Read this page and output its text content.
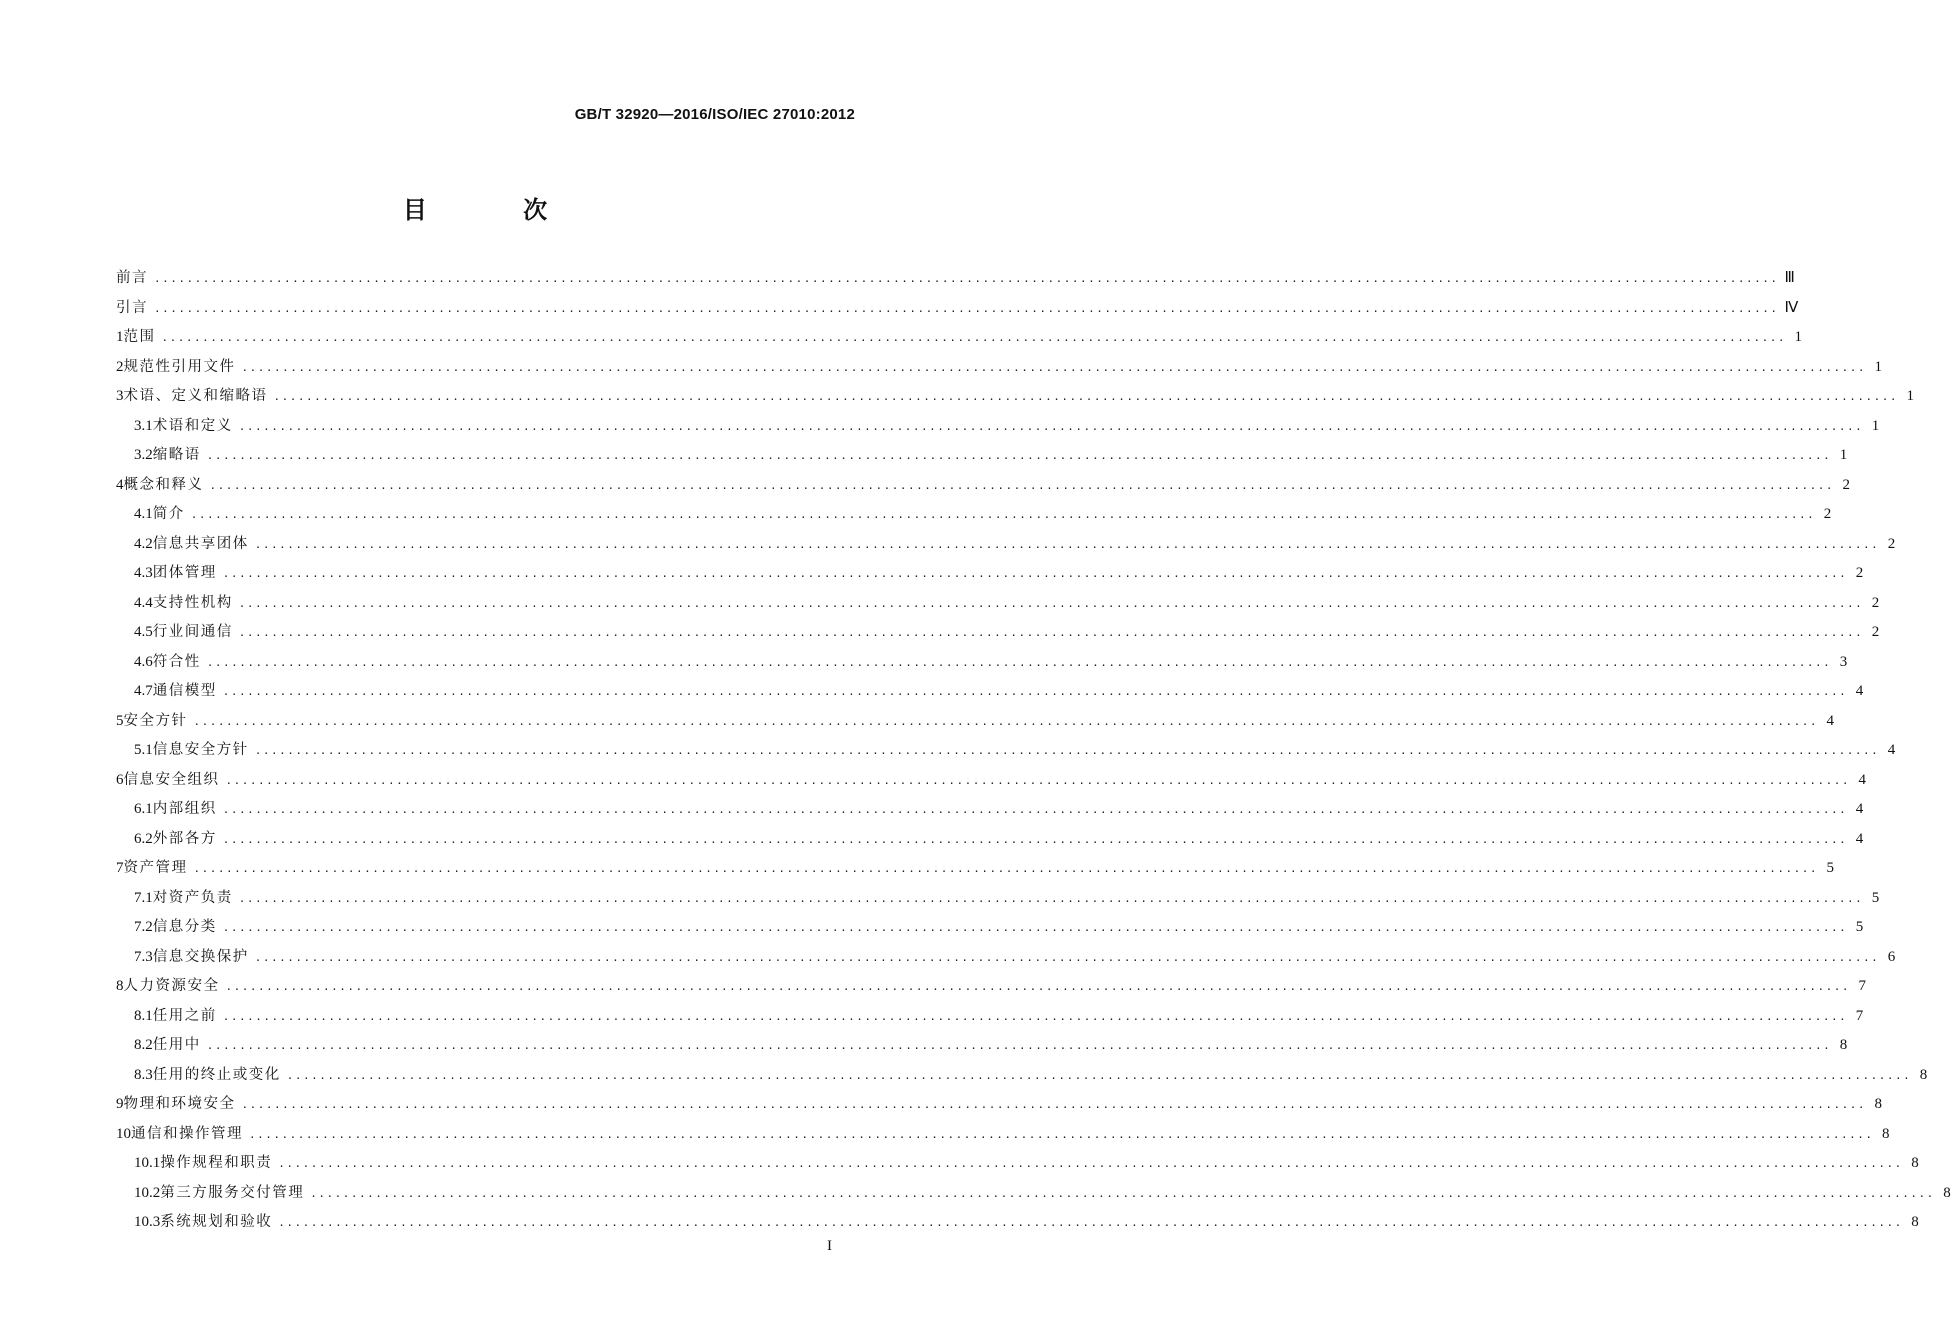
GB/T 32920—2016/ISO/IEC 27010:2012
目 次
前言 ........................................................................................................................................................................................................ Ⅲ
引言 ........................................................................................................................................................................................................ Ⅳ
1 范围 ........................................................................................................................................................................................................ 1
2 规范性引用文件 ........................................................................................................................................................................................................ 1
3 术语、定义和缩略语 ........................................................................................................................................................................................................ 1
3.1 术语和定义 ........................................................................................................................................................................................................ 1
3.2 缩略语 ........................................................................................................................................................................................................ 1
4 概念和释义 ........................................................................................................................................................................................................ 2
4.1 简介 ........................................................................................................................................................................................................ 2
4.2 信息共享团体 ........................................................................................................................................................................................................ 2
4.3 团体管理 ........................................................................................................................................................................................................ 2
4.4 支持性机构 ........................................................................................................................................................................................................ 2
4.5 行业间通信 ........................................................................................................................................................................................................ 2
4.6 符合性 ........................................................................................................................................................................................................ 3
4.7 通信模型 ........................................................................................................................................................................................................ 4
5 安全方针 ........................................................................................................................................................................................................ 4
5.1 信息安全方针 ........................................................................................................................................................................................................ 4
6 信息安全组织 ........................................................................................................................................................................................................ 4
6.1 内部组织 ........................................................................................................................................................................................................ 4
6.2 外部各方 ........................................................................................................................................................................................................ 4
7 资产管理 ........................................................................................................................................................................................................ 5
7.1 对资产负责 ........................................................................................................................................................................................................ 5
7.2 信息分类 ........................................................................................................................................................................................................ 5
7.3 信息交换保护 ........................................................................................................................................................................................................ 6
8 人力资源安全 ........................................................................................................................................................................................................ 7
8.1 任用之前 ........................................................................................................................................................................................................ 7
8.2 任用中 ........................................................................................................................................................................................................ 8
8.3 任用的终止或变化 ........................................................................................................................................................................................................ 8
9 物理和环境安全 ........................................................................................................................................................................................................ 8
10 通信和操作管理 ........................................................................................................................................................................................................ 8
10.1 操作规程和职责 ........................................................................................................................................................................................................ 8
10.2 第三方服务交付管理 ........................................................................................................................................................................................................ 8
10.3 系统规划和验收 ........................................................................................................................................................................................................ 8
I
